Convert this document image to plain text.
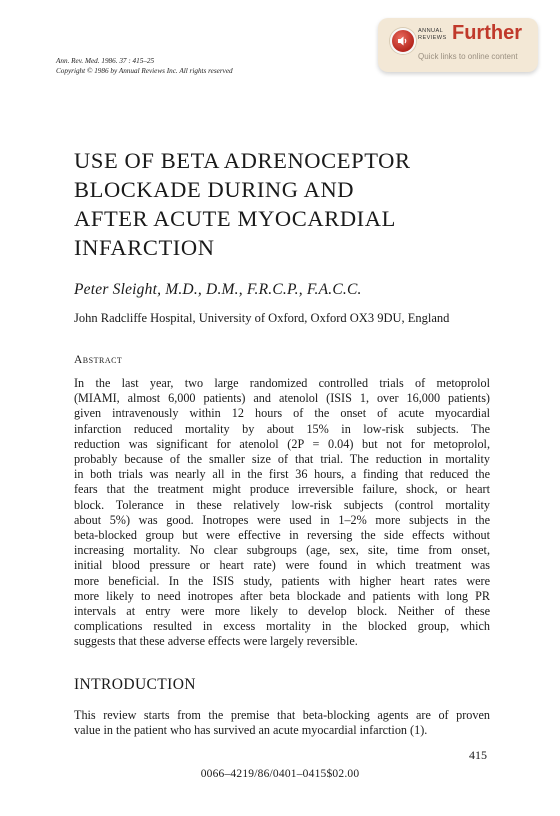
Ann. Rev. Med. 1986. 37 : 415–25
Copyright © 1986 by Annual Reviews Inc. All rights reserved
ANNUAL
REVIEWS Further
Quick links to online content
USE OF BETA ADRENOCEPTOR
BLOCKADE DURING AND
AFTER ACUTE MYOCARDIAL
INFARCTION
Peter Sleight, M.D., D.M., F.R.C.P., F.A.C.C.
John Radcliffe Hospital, University of Oxford, Oxford OX3 9DU, England
Abstract
In the last year, two large randomized controlled trials of metoprolol
(MIAMI, almost 6,000 patients) and atenolol (ISIS 1, over 16,000 patients)
given intravenously within 12 hours of the onset of acute myocardial
infarction reduced mortality by about 15% in low-risk subjects. The
reduction was significant for atenolol (2P = 0.04) but not for metoprolol,
probably because of the smaller size of that trial. The reduction in mortality
in both trials was nearly all in the first 36 hours, a finding that reduced the
fears that the treatment might produce irreversible failure, shock, or heart
block. Tolerance in these relatively low-risk subjects (control mortality
about 5%) was good. Inotropes were used in 1–2% more subjects in the
beta-blocked group but were effective in reversing the side effects without
increasing mortality. No clear subgroups (age, sex, site, time from onset,
initial blood pressure or heart rate) were found in which treatment was
more beneficial. In the ISIS study, patients with higher heart rates were
more likely to need inotropes after beta blockade and patients with long PR
intervals at entry were more likely to develop block. Neither of these
complications resulted in excess mortality in the blocked group, which
suggests that these adverse effects were largely reversible.
INTRODUCTION
This review starts from the premise that beta-blocking agents are of proven
value in the patient who has survived an acute myocardial infarction (1).
415
0066–4219/86/0401–0415$02.00
